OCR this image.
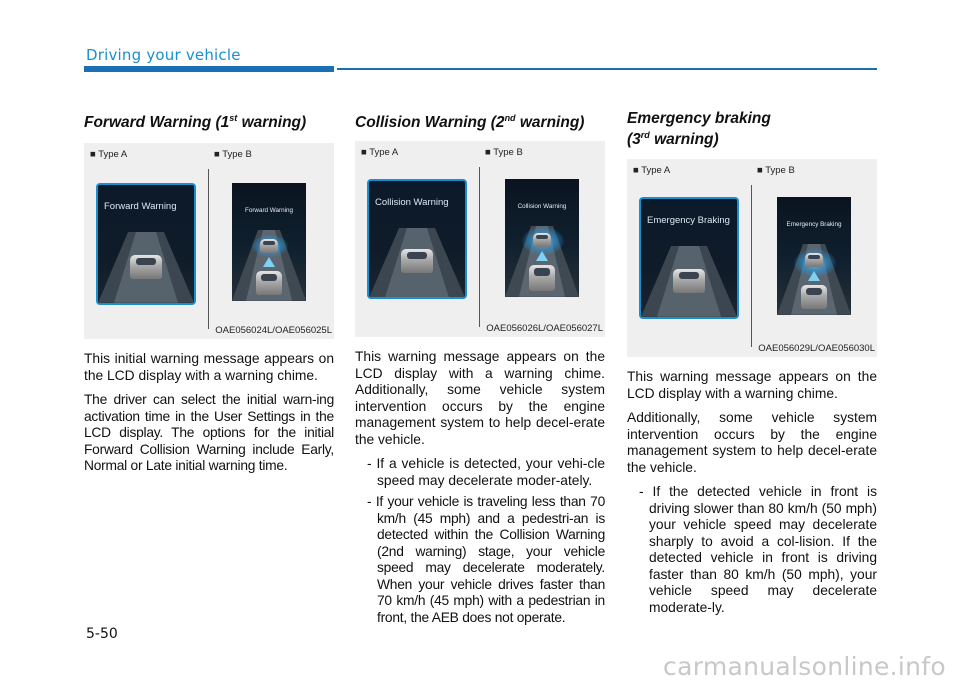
Driving your vehicle
Forward Warning (1st warning)
■ Type A	■ Type B
Forward Warning	Forward Warning
OAE056024L/OAE056025L

This initial warning message appears on the LCD display with a warning chime.

The driver can select the initial warn-ing activation time in the User Settings in the LCD display. The options for the initial Forward Collision Warning include Early, Normal or Late initial warning time.

Collision Warning (2nd warning)
■ Type A	■ Type B
Collision Warning	Collision Warning
OAE056026L/OAE056027L

This warning message appears on the LCD display with a warning chime. Additionally, some vehicle system intervention occurs by the engine management system to help decel-erate the vehicle.

- If a vehicle is detected, your vehi-cle speed may decelerate moder-ately.
- If your vehicle is traveling less than 70 km/h (45 mph) and a pedestri-an is detected within the Collision Warning (2nd warning) stage, your vehicle speed may decelerate moderately. When your vehicle drives faster than 70 km/h (45 mph) with a pedestrian in front, the AEB does not operate.
Emergency braking
(3rd warning)
■ Type A	■ Type B
Emergency Braking	Emergency Braking
OAE056029L/OAE056030L

This warning message appears on the LCD display with a warning chime.

Additionally, some vehicle system intervention occurs by the engine management system to help decel-erate the vehicle.

- If the detected vehicle in front is driving slower than 80 km/h (50 mph) your vehicle speed may decelerate sharply to avoid a col-lision. If the detected vehicle in front is driving faster than 80 km/h (50 mph), your vehicle speed may decelerate moderate-ly.
5-50
carmanualsonline.info
